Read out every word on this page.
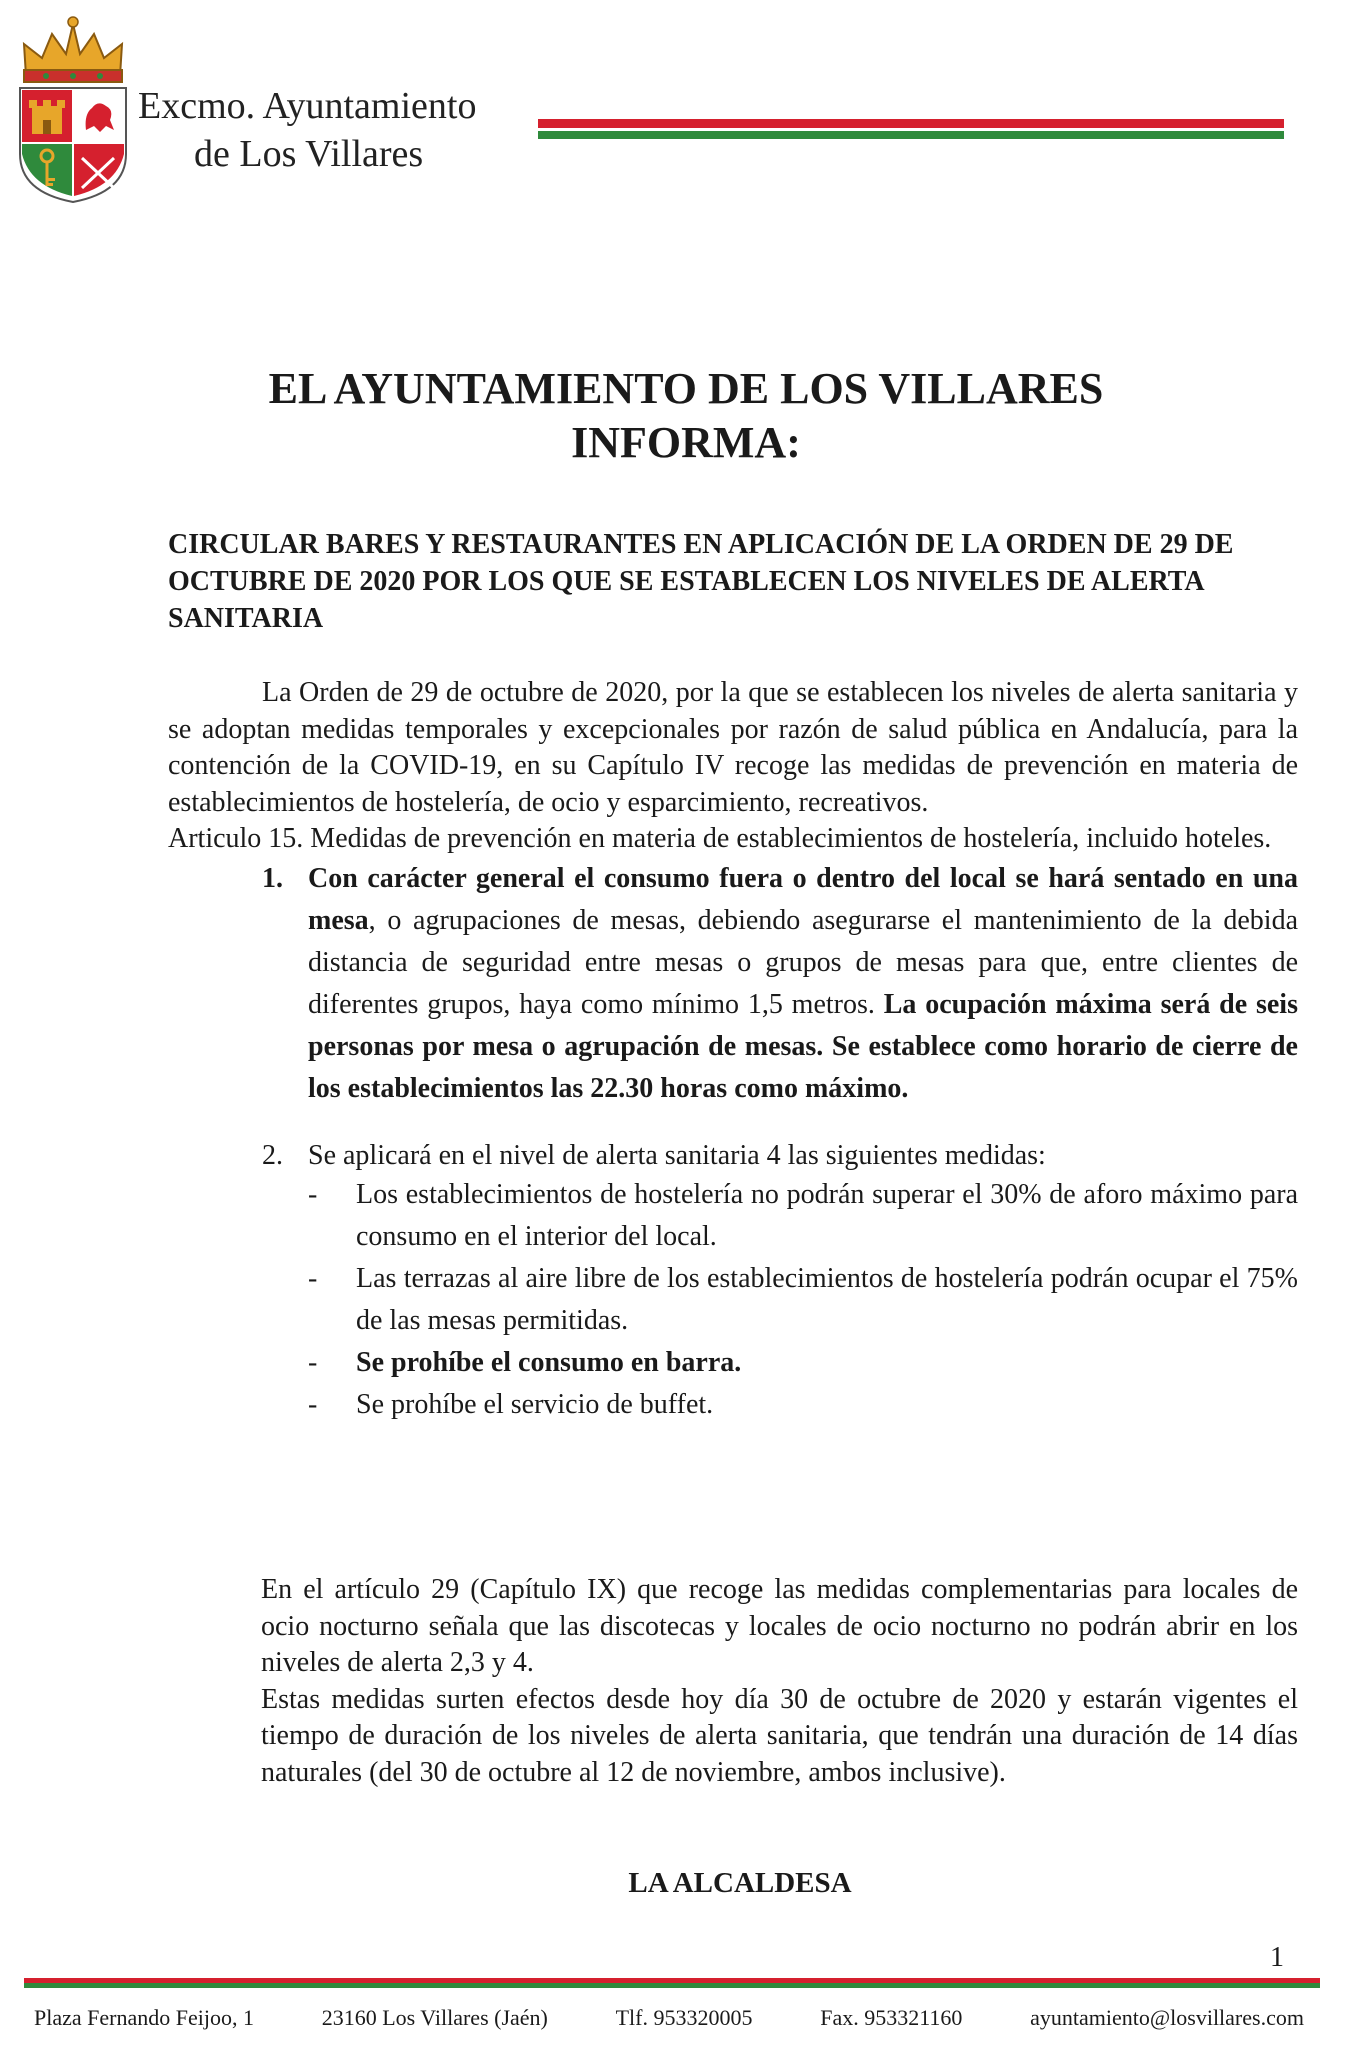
Excmo. Ayuntamiento
de Los Villares
EL AYUNTAMIENTO DE LOS VILLARES
INFORMA:

CIRCULAR BARES Y RESTAURANTES EN APLICACIÓN DE LA ORDEN DE 29 DE OCTUBRE DE 2020 POR LOS QUE SE ESTABLECEN LOS NIVELES DE ALERTA SANITARIA

La Orden de 29 de octubre de 2020, por la que se establecen los niveles de alerta sanitaria y se adoptan medidas temporales y excepcionales por razón de salud pública en Andalucía, para la contención de la COVID-19, en su Capítulo IV recoge las medidas de prevención en materia de establecimientos de hostelería, de ocio y esparcimiento, recreativos.

Articulo 15. Medidas de prevención en materia de establecimientos de hostelería, incluido hoteles.

1. Con carácter general el consumo fuera o dentro del local se hará sentado en una mesa, o agrupaciones de mesas, debiendo asegurarse el mantenimiento de la debida distancia de seguridad entre mesas o grupos de mesas para que, entre clientes de diferentes grupos, haya como mínimo 1,5 metros. La ocupación máxima será de seis personas por mesa o agrupación de mesas. Se establece como horario de cierre de los establecimientos las 22.30 horas como máximo.
2. Se aplicará en el nivel de alerta sanitaria 4 las siguientes medidas:
- Los establecimientos de hostelería no podrán superar el 30% de aforo máximo para consumo en el interior del local.
- Las terrazas al aire libre de los establecimientos de hostelería podrán ocupar el 75% de las mesas permitidas.
- Se prohíbe el consumo en barra.
- Se prohíbe el servicio de buffet.

En el artículo 29 (Capítulo IX) que recoge las medidas complementarias para locales de ocio nocturno señala que las discotecas y locales de ocio nocturno no podrán abrir en los niveles de alerta 2,3 y 4.

Estas medidas surten efectos desde hoy día 30 de octubre de 2020 y estarán vigentes el tiempo de duración de los niveles de alerta sanitaria, que tendrán una duración de 14 días naturales (del 30 de octubre al 12 de noviembre, ambos inclusive).

LA ALCALDESA

1
Plaza Fernando Feijoo, 1	23160 Los Villares (Jaén)	Tlf. 953320005	Fax. 953321160	ayuntamiento@losvillares.com
